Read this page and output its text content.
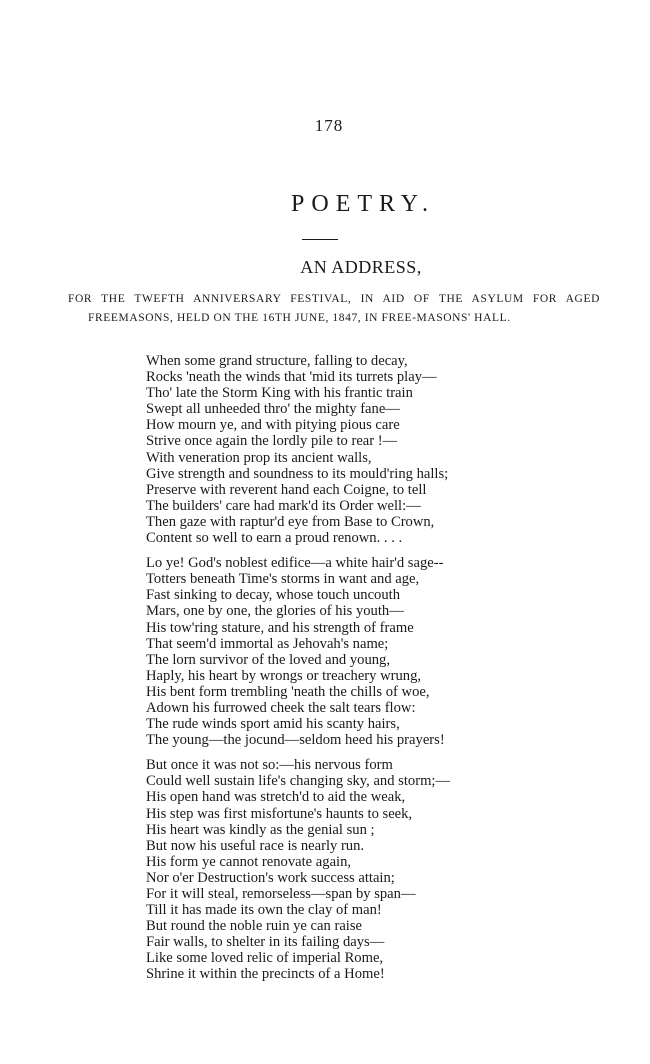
178
POETRY.
AN ADDRESS,
FOR THE TWEFTH ANNIVERSARY FESTIVAL, IN AID OF THE ASYLUM FOR AGED FREEMASONS, HELD ON THE 16TH JUNE, 1847, IN FREE-MASONS' HALL.
When some grand structure, falling to decay,
Rocks 'neath the winds that 'mid its turrets play—
Tho' late the Storm King with his frantic train
Swept all unheeded thro' the mighty fane—
How mourn ye, and with pitying pious care
Strive once again the lordly pile to rear !—
With veneration prop its ancient walls,
Give strength and soundness to its mould'ring halls;
Preserve with reverent hand each Coigne, to tell
The builders' care had mark'd its Order well:—
Then gaze with raptur'd eye from Base to Crown,
Content so well to earn a proud renown. . . .
Lo ye! God's noblest edifice—a white hair'd sage--
Totters beneath Time's storms in want and age,
Fast sinking to decay, whose touch uncouth
Mars, one by one, the glories of his youth—
His tow'ring stature, and his strength of frame
That seem'd immortal as Jehovah's name;
The lorn survivor of the loved and young,
Haply, his heart by wrongs or treachery wrung,
His bent form trembling 'neath the chills of woe,
Adown his furrowed cheek the salt tears flow:
The rude winds sport amid his scanty hairs,
The young—the jocund—seldom heed his prayers!
But once it was not so:—his nervous form
Could well sustain life's changing sky, and storm;—
His open hand was stretch'd to aid the weak,
His step was first misfortune's haunts to seek,
His heart was kindly as the genial sun ;
But now his useful race is nearly run.
His form ye cannot renovate again,
Nor o'er Destruction's work success attain;
For it will steal, remorseless—span by span—
Till it has made its own the clay of man!
But round the noble ruin ye can raise
Fair walls, to shelter in its failing days—
Like some loved relic of imperial Rome,
Shrine it within the precincts of a Home!
